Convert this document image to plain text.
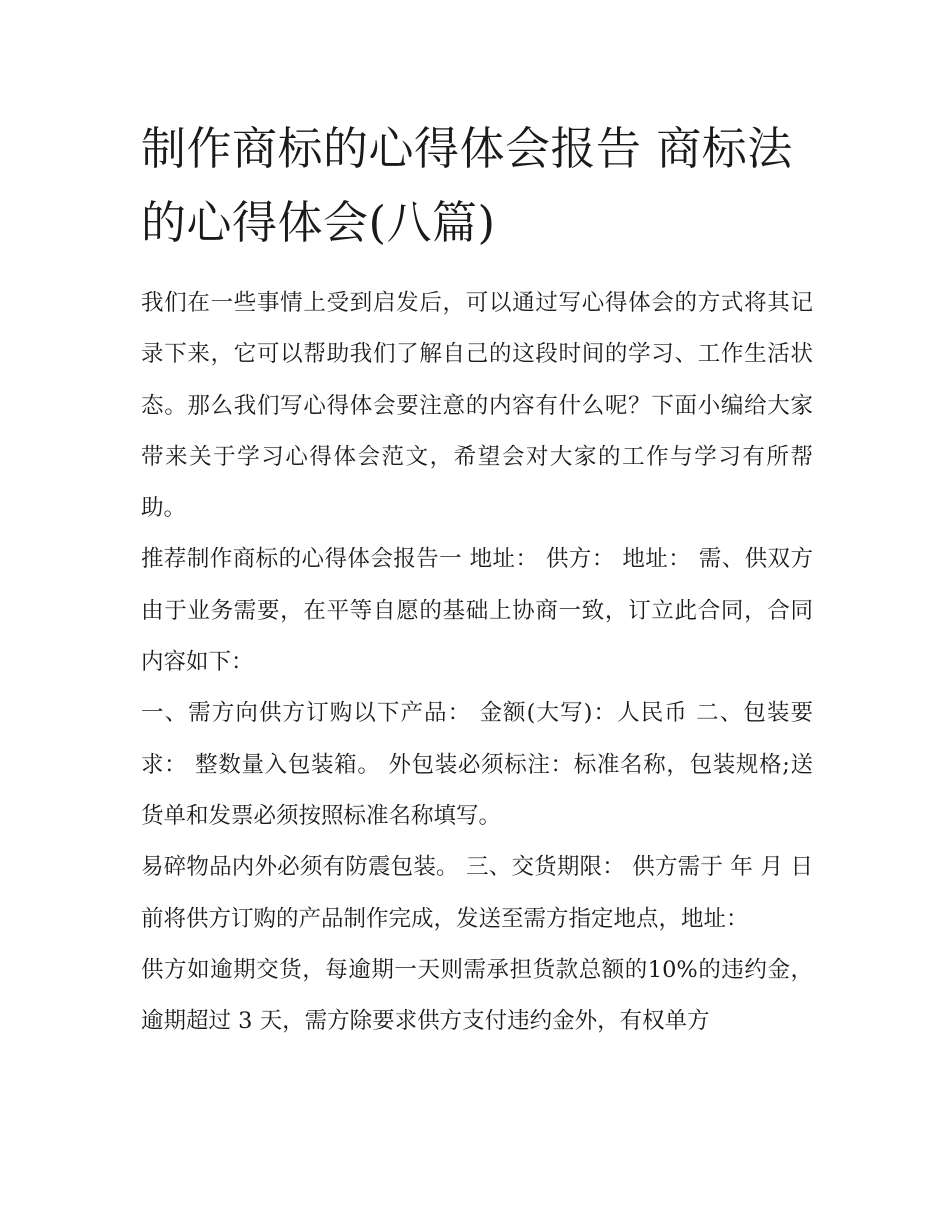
制作商标的心得体会报告 商标法的心得体会(八篇)

我们在一些事情上受到启发后，可以通过写心得体会的方式将其记录下来，它可以帮助我们了解自己的这段时间的学习、工作生活状态。那么我们写心得体会要注意的内容有什么呢？下面小编给大家带来关于学习心得体会范文，希望会对大家的工作与学习有所帮助。

推荐制作商标的心得体会报告一 地址： 供方： 地址： 需、供双方由于业务需要，在平等自愿的基础上协商一致，订立此合同，合同内容如下：

一、需方向供方订购以下产品： 金额(大写)：人民币 二、包装要求： 整数量入包装箱。 外包装必须标注：标准名称，包装规格;送货单和发票必须按照标准名称填写。

易碎物品内外必须有防震包装。 三、交货期限： 供方需于 年 月 日前将供方订购的产品制作完成，发送至需方指定地点，地址：

供方如逾期交货，每逾期一天则需承担货款总额的10%的违约金，逾期超过 3 天，需方除要求供方支付违约金外，有权单方
